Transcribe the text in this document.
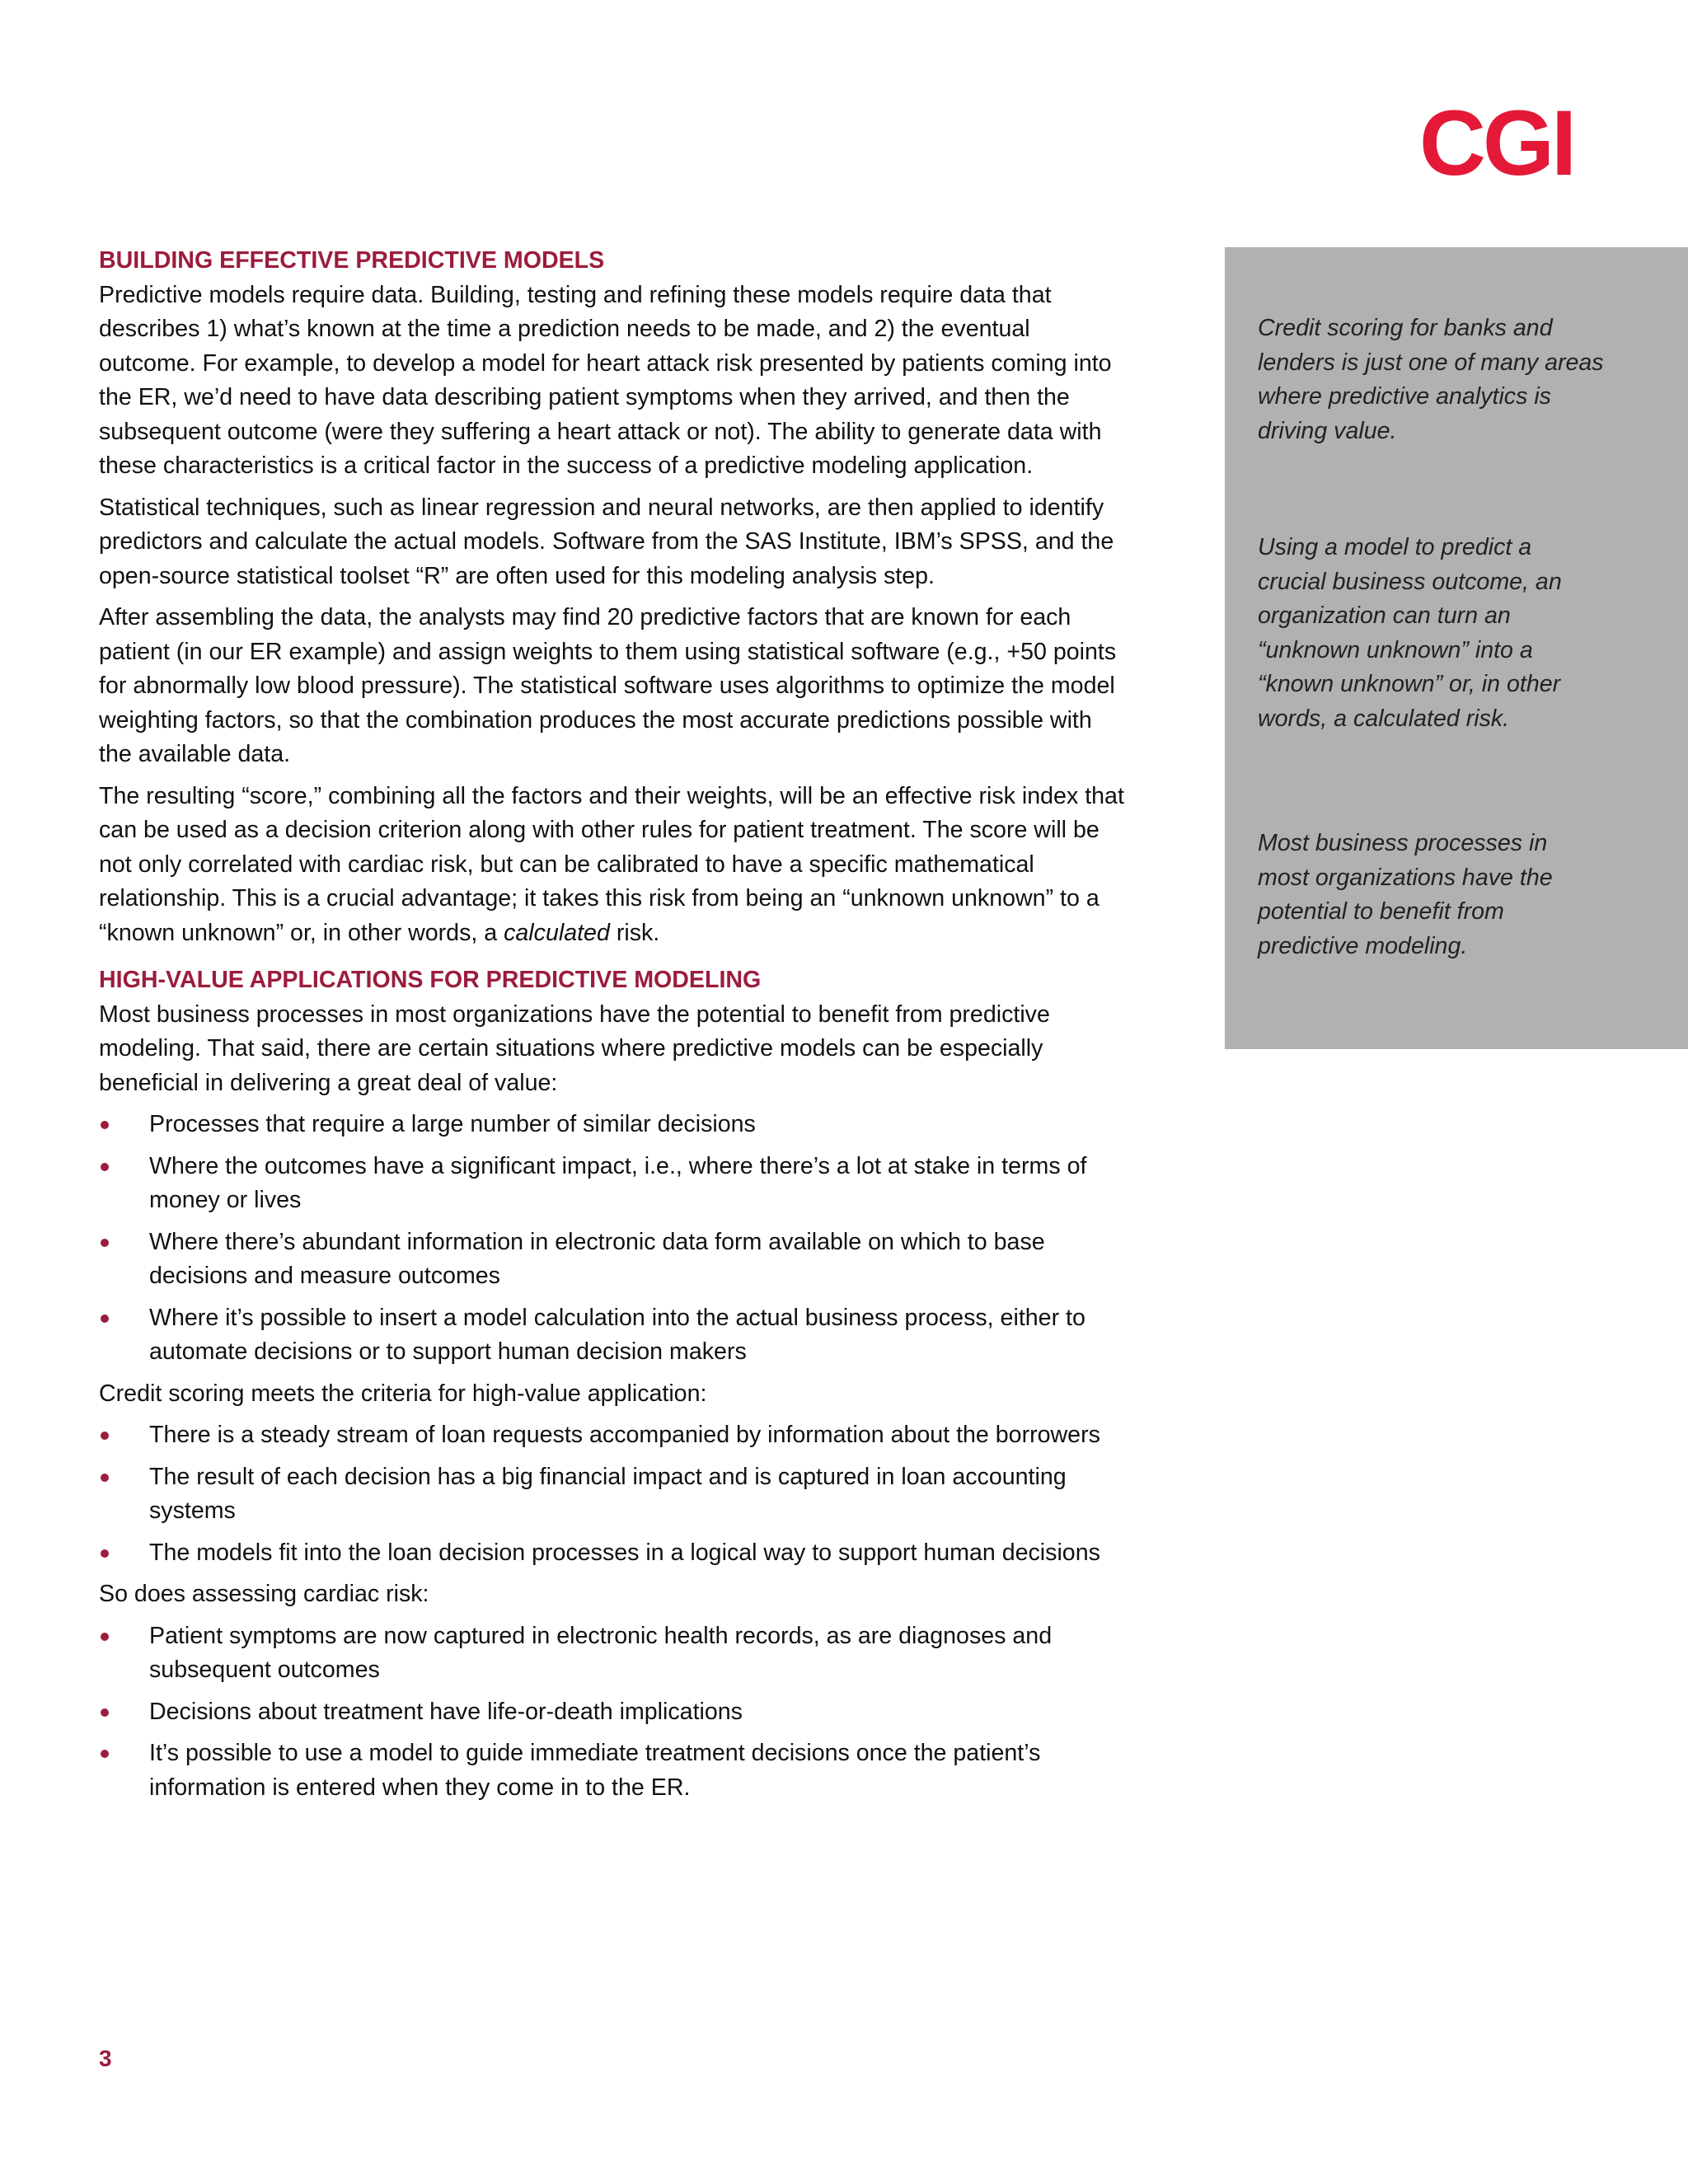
CGI
BUILDING EFFECTIVE PREDICTIVE MODELS

Predictive models require data. Building, testing and refining these models require data that describes 1) what’s known at the time a prediction needs to be made, and 2) the eventual outcome. For example, to develop a model for heart attack risk presented by patients coming into the ER, we’d need to have data describing patient symptoms when they arrived, and then the subsequent outcome (were they suffering a heart attack or not). The ability to generate data with these characteristics is a critical factor in the success of a predictive modeling application.

Statistical techniques, such as linear regression and neural networks, are then applied to identify predictors and calculate the actual models. Software from the SAS Institute, IBM’s SPSS, and the open-source statistical toolset “R” are often used for this modeling analysis step.

After assembling the data, the analysts may find 20 predictive factors that are known for each patient (in our ER example) and assign weights to them using statistical software (e.g., +50 points for abnormally low blood pressure). The statistical software uses algorithms to optimize the model weighting factors, so that the combination produces the most accurate predictions possible with the available data.

The resulting “score,” combining all the factors and their weights, will be an effective risk index that can be used as a decision criterion along with other rules for patient treatment. The score will be not only correlated with cardiac risk, but can be calibrated to have a specific mathematical relationship. This is a crucial advantage; it takes this risk from being an “unknown unknown” to a “known unknown” or, in other words, a calculated risk.

HIGH-VALUE APPLICATIONS FOR PREDICTIVE MODELING

Most business processes in most organizations have the potential to benefit from predictive modeling. That said, there are certain situations where predictive models can be especially beneficial in delivering a great deal of value:

Processes that require a large number of similar decisions
Where the outcomes have a significant impact, i.e., where there’s a lot at stake in terms of money or lives
Where there’s abundant information in electronic data form available on which to base decisions and measure outcomes
Where it’s possible to insert a model calculation into the actual business process, either to automate decisions or to support human decision makers

Credit scoring meets the criteria for high-value application:

There is a steady stream of loan requests accompanied by information about the borrowers
The result of each decision has a big financial impact and is captured in loan accounting systems
The models fit into the loan decision processes in a logical way to support human decisions

So does assessing cardiac risk:

Patient symptoms are now captured in electronic health records, as are diagnoses and subsequent outcomes
Decisions about treatment have life-or-death implications
It’s possible to use a model to guide immediate treatment decisions once the patient’s information is entered when they come in to the ER.

Credit scoring for banks and lenders is just one of many areas where predictive analytics is driving value.

Using a model to predict a crucial business outcome, an organization can turn an “unknown unknown” into a “known unknown” or, in other words, a calculated risk.

Most business processes in most organizations have the potential to benefit from predictive modeling.

3
